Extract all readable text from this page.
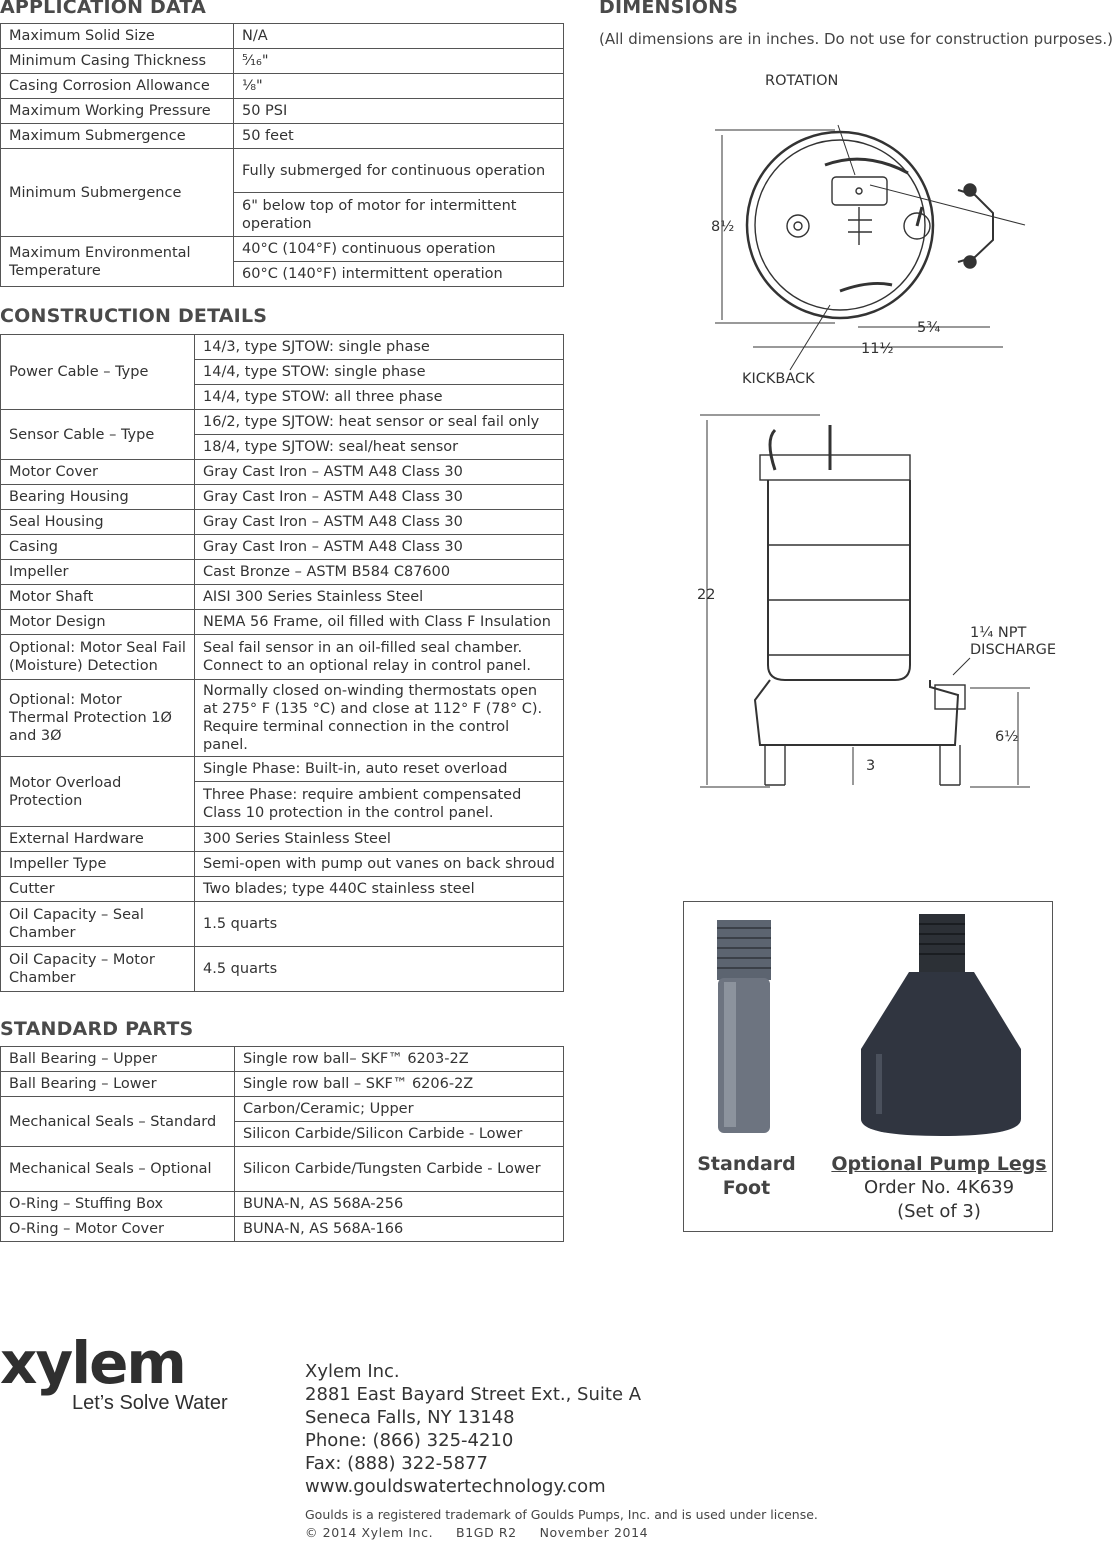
APPLICATION DATA
Maximum Solid Size	N/A
Minimum Casing Thickness	⁵⁄₁₆"
Casing Corrosion Allowance	⅛"
Maximum Working Pressure	50 PSI
Maximum Submergence	50 feet
Minimum Submergence	Fully submerged for continuous operation
	6" below top of motor for intermittent operation
Maximum Environmental Temperature	40°C (104°F) continuous operation
	60°C (140°F) intermittent operation
CONSTRUCTION DETAILS
Power Cable – Type	14/3, type SJTOW: single phase
	14/4, type STOW: single phase
	14/4, type STOW: all three phase
Sensor Cable – Type	16/2, type SJTOW: heat sensor or seal fail only
	18/4, type SJTOW: seal/heat sensor
Motor Cover	Gray Cast Iron – ASTM A48 Class 30
Bearing Housing	Gray Cast Iron – ASTM A48 Class 30
Seal Housing	Gray Cast Iron – ASTM A48 Class 30
Casing	Gray Cast Iron – ASTM A48 Class 30
Impeller	Cast Bronze – ASTM B584 C87600
Motor Shaft	AISI 300 Series Stainless Steel
Motor Design	NEMA 56 Frame, oil filled with Class F Insulation
Optional: Motor Seal Fail (Moisture) Detection	Seal fail sensor in an oil-filled seal chamber. Connect to an optional relay in control panel.
Optional: Motor Thermal Protection 1Ø and 3Ø	Normally closed on-winding thermostats open at 275° F (135 °C) and close at 112° F (78° C). Require terminal connection in the control panel.
Motor Overload Protection	Single Phase: Built-in, auto reset overload
	Three Phase: require ambient compensated Class 10 protection in the control panel.
External Hardware	300 Series Stainless Steel
Impeller Type	Semi-open with pump out vanes on back shroud
Cutter	Two blades; type 440C stainless steel
Oil Capacity – Seal Chamber	1.5 quarts
Oil Capacity – Motor Chamber	4.5 quarts
STANDARD PARTS
Ball Bearing – Upper	Single row ball– SKF™ 6203-2Z
Ball Bearing – Lower	Single row ball – SKF™ 6206-2Z
Mechanical Seals – Standard	Carbon/Ceramic; Upper
	Silicon Carbide/Silicon Carbide - Lower
Mechanical Seals – Optional	Silicon Carbide/Tungsten Carbide - Lower
O-Ring – Stuffing Box	BUNA-N, AS 568A-256
O-Ring – Motor Cover	BUNA-N, AS 568A-166
DIMENSIONS
(All dimensions are in inches. Do not use for construction purposes.)
ROTATION
KICKBACK
8½
5¾
11½
22
6½
3
1¼ NPT DISCHARGE
Standard
Foot
Optional Pump Legs
Order No. 4K639
(Set of 3)
xylem
Let’s Solve Water
Xylem Inc.
2881 East Bayard Street Ext., Suite A
Seneca Falls, NY 13148
Phone: (866) 325-4210
Fax: (888) 322-5877
www.gouldswatertechnology.com
Goulds is a registered trademark of Goulds Pumps, Inc. and is used under license.
© 2014 Xylem Inc.     B1GD R2     November 2014
